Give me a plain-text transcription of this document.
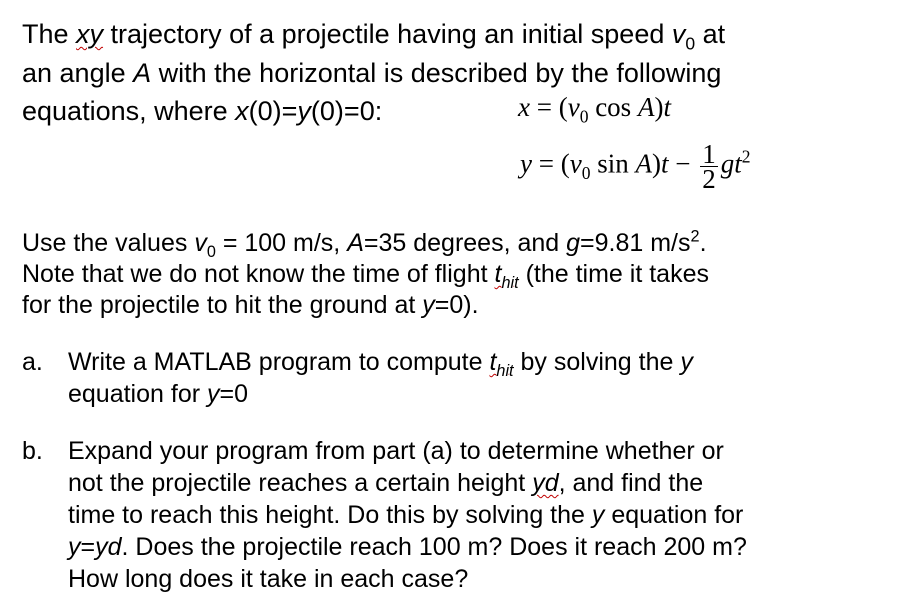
The xy trajectory of a projectile having an initial speed $v_0$ at
an angle A with the horizontal is described by the following
equations, where x(0)=y(0)=0:	$x = (v_0$ cos A)t
$y = (v_0$ $\sin A)t - \frac{1}{2} gt^2$
Use the values $v_0 = 100$ m/s, A=35 degrees, and g=9.81 $m/s^2$.
Note that we do not know the time of flight $t_{hit}$ (the time it takes
for the projectile to hit the ground at y=0).
a. Write a MATLAB program to compute $t_{hit}$ by solving the y
equation for y=0
b. Expand your program from part (a) to determine whether or
not the projectile reaches a certain height yd, and find the
time to reach this height. Do this by solving the y equation for
y=yd. Does the projectile reach 100 m? Does it reach 200 m?
How long does it take in each case?
